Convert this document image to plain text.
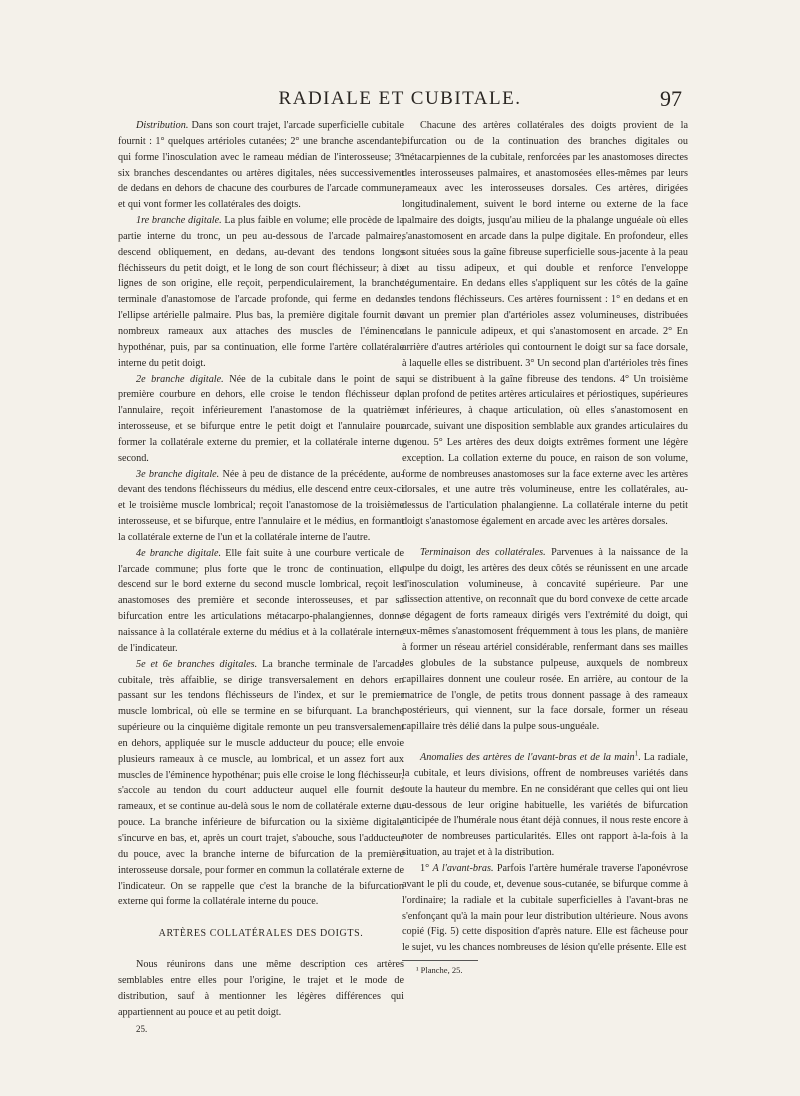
RADIALE ET CUBITALE.	97

Distribution. Dans son court trajet, l'arcade superficielle cubitale fournit : 1° quelques artérioles cutanées; 2° une branche ascendante, qui forme l'inosculation avec le rameau médian de l'interosseuse; 3° six branches descendantes ou artères digitales, nées successivement de dedans en dehors de chacune des courbures de l'arcade commune, et qui vont former les collatérales des doigts.

1re branche digitale. La plus faible en volume; elle procède de la partie interne du tronc, un peu au-dessous de l'arcade palmaire, descend obliquement, en dedans, au-devant des tendons longs fléchisseurs du petit doigt, et le long de son court fléchisseur; à dix lignes de son origine, elle reçoit, perpendiculairement, la branche terminale d'anastomose de l'arcade profonde, qui ferme en dedans l'ellipse artérielle palmaire. Plus bas, la première digitale fournit de nombreux rameaux aux attaches des muscles de l'éminence hypothénar, puis, par sa continuation, elle forme l'artère collatérale interne du petit doigt.

2e branche digitale. Née de la cubitale dans le point de sa première courbure en dehors, elle croise le tendon fléchisseur de l'annulaire, reçoit inférieurement l'anastomose de la quatrième interosseuse, et se bifurque entre le petit doigt et l'annulaire pour former la collatérale externe du premier, et la collatérale interne du second.

3e branche digitale. Née à peu de distance de la précédente, au-devant des tendons fléchisseurs du médius, elle descend entre ceux-ci et le troisième muscle lombrical; reçoit l'anastomose de la troisième interosseuse, et se bifurque, entre l'annulaire et le médius, en formant la collatérale externe de l'un et la collatérale interne de l'autre.

4e branche digitale. Elle fait suite à une courbure verticale de l'arcade commune; plus forte que le tronc de continuation, elle descend sur le bord externe du second muscle lombrical, reçoit les anastomoses des première et seconde interosseuses, et par sa bifurcation entre les articulations métacarpo-phalangiennes, donne naissance à la collatérale externe du médius et à la collatérale interne de l'indicateur.

5e et 6e branches digitales. La branche terminale de l'arcade cubitale, très affaiblie, se dirige transversalement en dehors en passant sur les tendons fléchisseurs de l'index, et sur le premier muscle lombrical, où elle se termine en se bifurquant. La branche supérieure ou la cinquième digitale remonte un peu transversalement en dehors, appliquée sur le muscle adducteur du pouce; elle envoie plusieurs rameaux à ce muscle, au lombrical, et un assez fort aux muscles de l'éminence hypothénar; puis elle croise le long fléchisseur, s'accole au tendon du court adducteur auquel elle fournit des rameaux, et se continue au-delà sous le nom de collatérale externe du pouce. La branche inférieure de bifurcation ou la sixième digitale s'incurve en bas, et, après un court trajet, s'abouche, sous l'adducteur du pouce, avec la branche interne de bifurcation de la première interosseuse dorsale, pour former en commun la collatérale externe de l'indicateur. On se rappelle que c'est la branche de la bifurcation externe qui forme la collatérale interne du pouce.

ARTÈRES COLLATÉRALES DES DOIGTS.

Nous réunirons dans une même description ces artères semblables entre elles pour l'origine, le trajet et le mode de distribution, sauf à mentionner les légères différences qui appartiennent au pouce et au petit doigt.

25.

Chacune des artères collatérales des doigts provient de la bifurcation ou de la continuation des branches digitales ou métacarpiennes de la cubitale, renforcées par les anastomoses directes des interosseuses palmaires, et anastomosées elles-mêmes par leurs rameaux avec les interosseuses dorsales. Ces artères, dirigées longitudinalement, suivent le bord interne ou externe de la face palmaire des doigts, jusqu'au milieu de la phalange unguéale où elles s'anastomosent en arcade dans la pulpe digitale. En profondeur, elles sont situées sous la gaîne fibreuse superficielle sous-jacente à la peau et au tissu adipeux, et qui double et renforce l'enveloppe tégumentaire. En dedans elles s'appliquent sur les côtés de la gaîne des tendons fléchisseurs. Ces artères fournissent : 1° en dedans et en avant un premier plan d'artérioles assez volumineuses, distribuées dans le pannicule adipeux, et qui s'anastomosent en arcade. 2° En arrière d'autres artérioles qui contournent le doigt sur sa face dorsale, à laquelle elles se distribuent. 3° Un second plan d'artérioles très fines qui se distribuent à la gaîne fibreuse des tendons. 4° Un troisième plan profond de petites artères articulaires et périostiques, supérieures et inférieures, à chaque articulation, où elles s'anastomosent en arcade, suivant une disposition semblable aux grandes articulaires du genou. 5° Les artères des deux doigts extrêmes forment une légère exception. La collation externe du pouce, en raison de son volume, forme de nombreuses anastomoses sur la face externe avec les artères dorsales, et une autre très volumineuse, entre les collatérales, au-dessus de l'articulation phalangienne. La collatérale interne du petit doigt s'anastomose également en arcade avec les artères dorsales.

Terminaison des collatérales. Parvenues à la naissance de la pulpe du doigt, les artères des deux côtés se réunissent en une arcade d'inosculation volumineuse, à concavité supérieure. Par une dissection attentive, on reconnaît que du bord convexe de cette arcade se dégagent de forts rameaux dirigés vers l'extrémité du doigt, qui eux-mêmes s'anastomosent fréquemment à tous les plans, de manière à former un réseau artériel considérable, renfermant dans ses mailles les globules de la substance pulpeuse, auxquels de nombreux capillaires donnent une couleur rosée. En arrière, au contour de la matrice de l'ongle, de petits trous donnent passage à des rameaux postérieurs, qui viennent, sur la face dorsale, former un réseau capillaire très délié dans la pulpe sous-unguéale.

Anomalies des artères de l'avant-bras et de la main$^1$. La radiale, la cubitale, et leurs divisions, offrent de nombreuses variétés dans toute la hauteur du membre. En ne considérant que celles qui ont lieu au-dessous de leur origine habituelle, les variétés de bifurcation anticipée de l'humérale nous étant déjà connues, il nous reste encore à noter de nombreuses particularités. Elles ont rapport à-la-fois à la situation, au trajet et à la distribution.

1° A l'avant-bras. Parfois l'artère humérale traverse l'aponévrose avant le pli du coude, et, devenue sous-cutanée, se bifurque comme à l'ordinaire; la radiale et la cubitale superficielles à l'avant-bras ne s'enfonçant qu'à la main pour leur distribution ultérieure. Nous avons copié (Fig. 5) cette disposition d'après nature. Elle est fâcheuse pour le sujet, vu les chances nombreuses de lésion qu'elle présente. Elle est

¹ Planche, 25.
